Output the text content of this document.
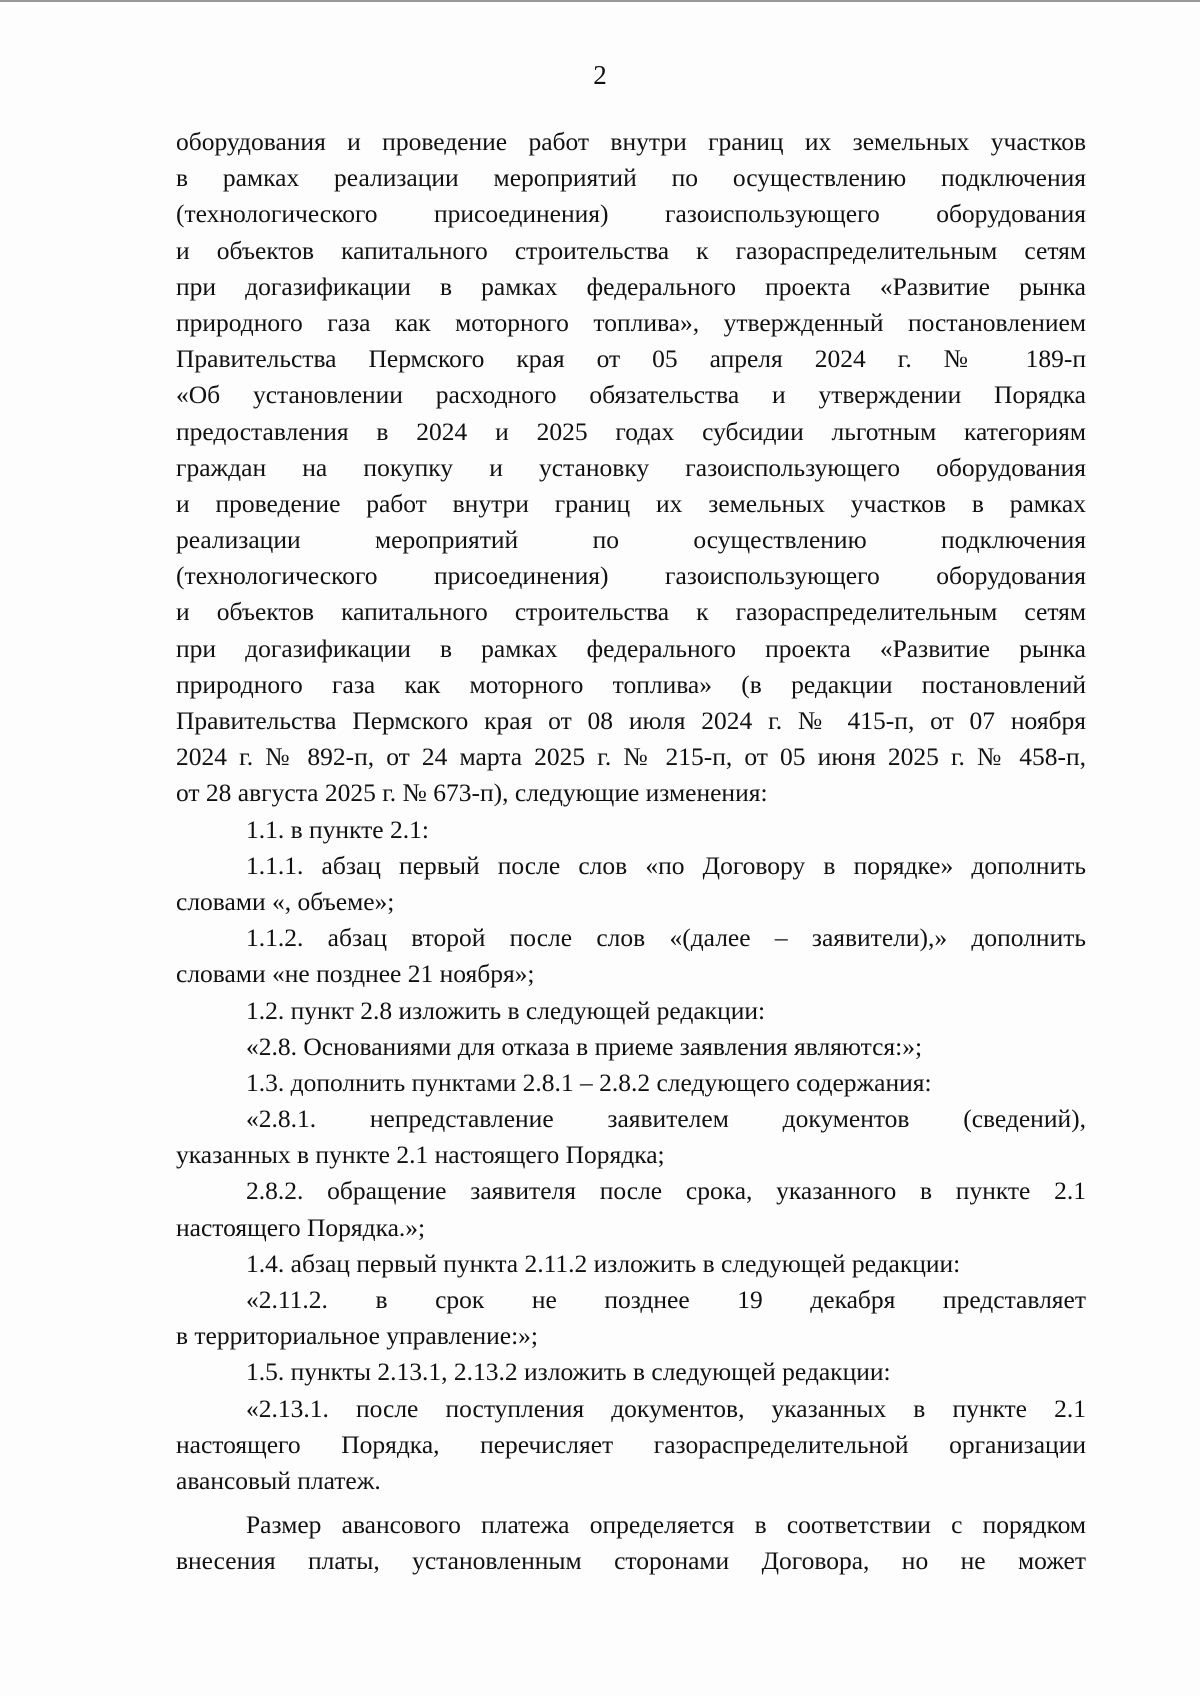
2
оборудования и проведение работ внутри границ их земельных участков
в рамках реализации мероприятий по осуществлению подключения
(технологического присоединения) газоиспользующего оборудования
и объектов капитального строительства к газораспределительным сетям
при догазификации в рамках федерального проекта «Развитие рынка
природного газа как моторного топлива», утвержденный постановлением
Правительства Пермского края от 05 апреля 2024 г. № 189-п
«Об установлении расходного обязательства и утверждении Порядка
предоставления в 2024 и 2025 годах субсидии льготным категориям
граждан на покупку и установку газоиспользующего оборудования
и проведение работ внутри границ их земельных участков в рамках
реализации мероприятий по осуществлению подключения
(технологического присоединения) газоиспользующего оборудования
и объектов капитального строительства к газораспределительным сетям
при догазификации в рамках федерального проекта «Развитие рынка
природного газа как моторного топлива» (в редакции постановлений
Правительства Пермского края от 08 июля 2024 г. № 415-п, от 07 ноября
2024 г. № 892-п, от 24 марта 2025 г. № 215-п, от 05 июня 2025 г. № 458-п,
от 28 августа 2025 г. № 673-п), следующие изменения:
1.1. в пункте 2.1:
1.1.1. абзац первый после слов «по Договору в порядке» дополнить
словами «, объеме»;
1.1.2. абзац второй после слов «(далее – заявители),» дополнить
словами «не позднее 21 ноября»;
1.2. пункт 2.8 изложить в следующей редакции:
«2.8. Основаниями для отказа в приеме заявления являются:»;
1.3. дополнить пунктами 2.8.1 – 2.8.2 следующего содержания:
«2.8.1. непредставление заявителем документов (сведений),
указанных в пункте 2.1 настоящего Порядка;
2.8.2. обращение заявителя после срока, указанного в пункте 2.1
настоящего Порядка.»;
1.4. абзац первый пункта 2.11.2 изложить в следующей редакции:
«2.11.2. в срок не позднее 19 декабря представляет
в территориальное управление:»;
1.5. пункты 2.13.1, 2.13.2 изложить в следующей редакции:
«2.13.1. после поступления документов, указанных в пункте 2.1
настоящего Порядка, перечисляет газораспределительной организации
авансовый платеж.
Размер авансового платежа определяется в соответствии с порядком
внесения платы, установленным сторонами Договора, но не может
